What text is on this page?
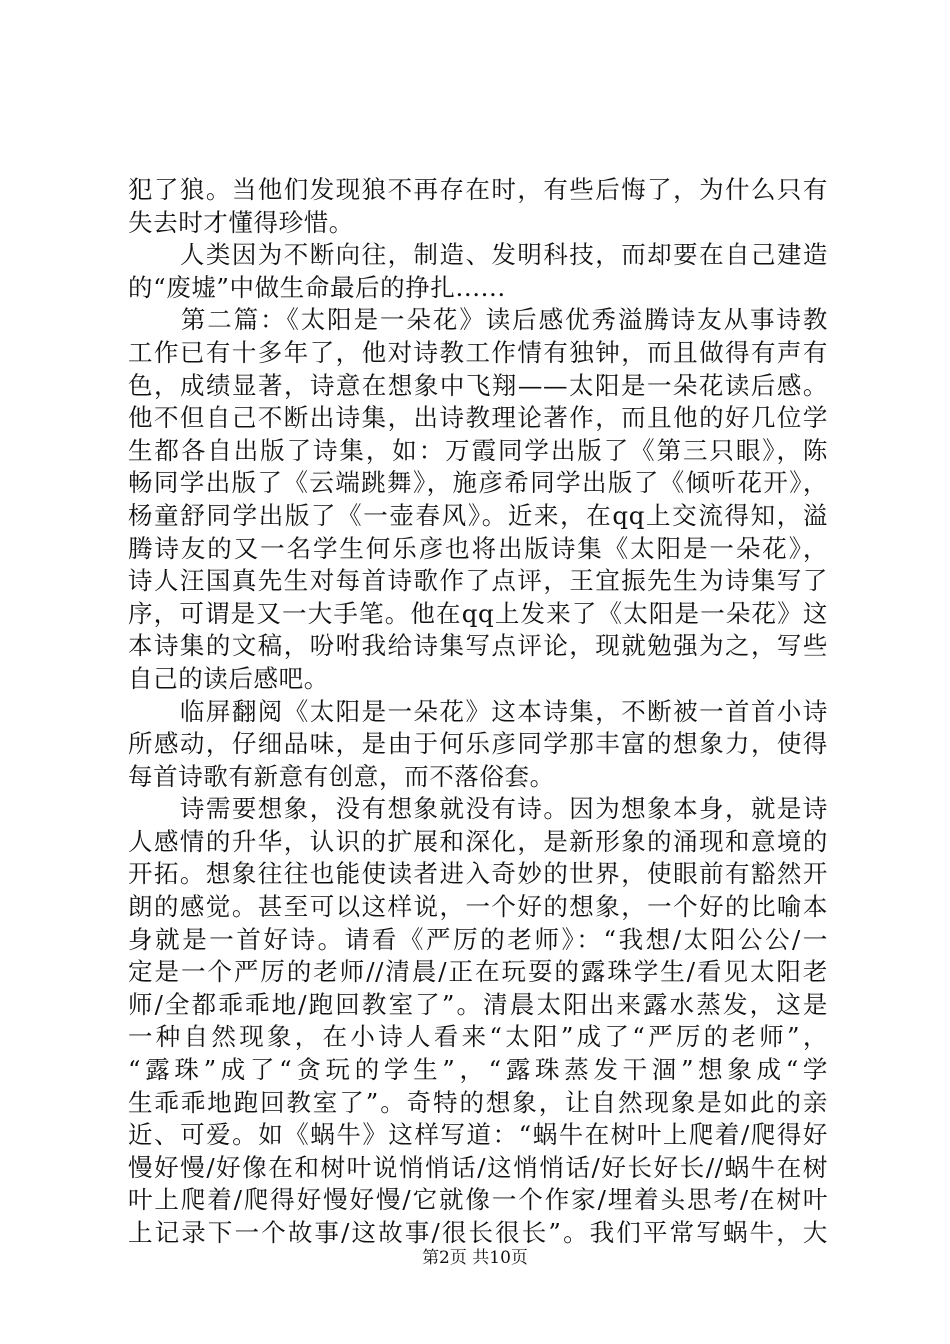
犯了狼。当他们发现狼不再存在时，有些后悔了，为什么只有
失去时才懂得珍惜。
　　人类因为不断向往，制造、发明科技，而却要在自己建造
的“废墟”中做生命最后的挣扎......
　　第二篇：《太阳是一朵花》读后感优秀溢腾诗友从事诗教
工作已有十多年了，他对诗教工作情有独钟，而且做得有声有
色，成绩显著，诗意在想象中飞翔——太阳是一朵花读后感。
他不但自己不断出诗集，出诗教理论著作，而且他的好几位学
生都各自出版了诗集，如：万霞同学出版了《第三只眼》，陈
畅同学出版了《云端跳舞》，施彦希同学出版了《倾听花开》，
杨童舒同学出版了《一壶春风》。近来，在qq上交流得知，溢
腾诗友的又一名学生何乐彦也将出版诗集《太阳是一朵花》，
诗人汪国真先生对每首诗歌作了点评，王宜振先生为诗集写了
序，可谓是又一大手笔。他在qq上发来了《太阳是一朵花》这
本诗集的文稿，吩咐我给诗集写点评论，现就勉强为之，写些
自己的读后感吧。
　　临屏翻阅《太阳是一朵花》这本诗集，不断被一首首小诗
所感动，仔细品味，是由于何乐彦同学那丰富的想象力，使得
每首诗歌有新意有创意，而不落俗套。
　　诗需要想象，没有想象就没有诗。因为想象本身，就是诗
人感情的升华，认识的扩展和深化，是新形象的涌现和意境的
开拓。想象往往也能使读者进入奇妙的世界，使眼前有豁然开
朗的感觉。甚至可以这样说，一个好的想象，一个好的比喻本
身就是一首好诗。请看《严厉的老师》：“我想/太阳公公/一
定是一个严厉的老师//清晨/正在玩耍的露珠学生/看见太阳老
师/全都乖乖地/跑回教室了”。清晨太阳出来露水蒸发，这是
一种自然现象，在小诗人看来“太阳”成了“严厉的老师”，
“露珠”成了“贪玩的学生”，“露珠蒸发干涸”想象成“学
生乖乖地跑回教室了”。奇特的想象，让自然现象是如此的亲
近、可爱。如《蜗牛》这样写道：“蜗牛在树叶上爬着/爬得好
慢好慢/好像在和树叶说悄悄话/这悄悄话/好长好长//蜗牛在树
叶上爬着/爬得好慢好慢/它就像一个作家/埋着头思考/在树叶
上记录下一个故事/这故事/很长很长”。我们平常写蜗牛，大
第2页 共10页
